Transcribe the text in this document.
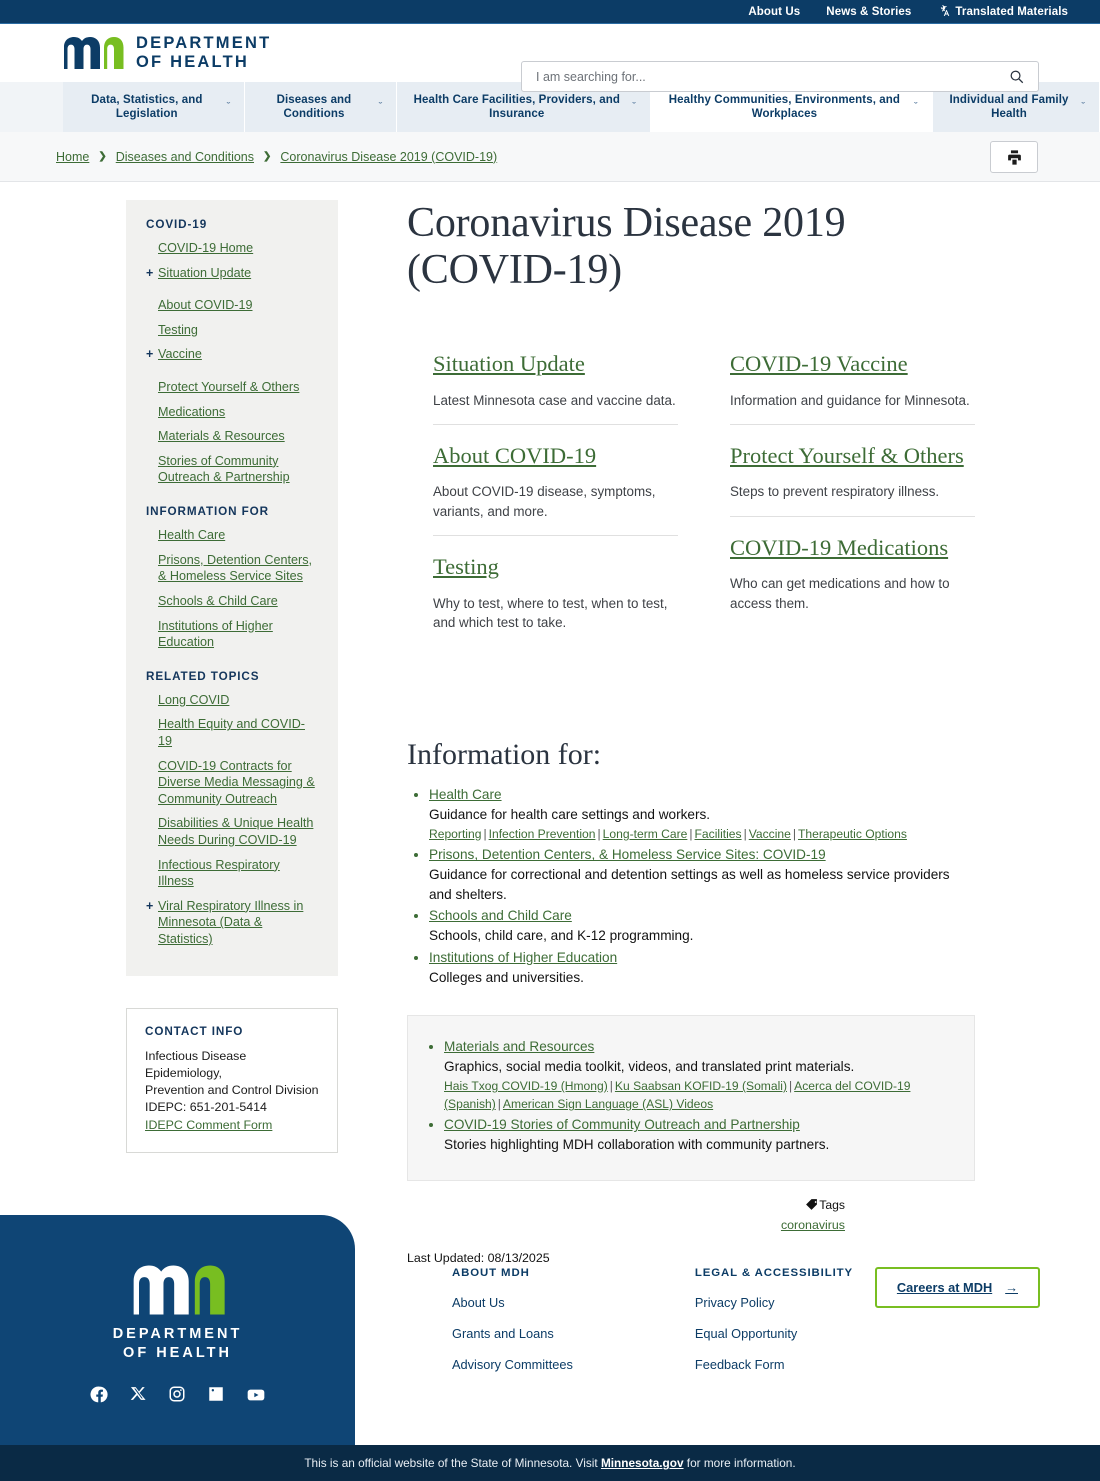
About Us News & Stories	Translated Materials
DEPARTMENT
OF HEALTH
I am searching for...
Data, Statistics, and Legislation
ˇ
Diseases and Conditions
ˇ
Health Care Facilities, Providers, and Insurance
ˇ
Healthy Communities, Environments, and Workplaces
ˇ
Individual and Family Health
ˇ
Home ❯ Diseases and Conditions ❯ Coronavirus Disease 2019 (COVID-19)
COVID-19
COVID-19 Home
+ Situation Update
About COVID-19
Testing
+ Vaccine
Protect Yourself & Others
Medications
Materials & Resources
Stories of Community Outreach & Partnership
INFORMATION FOR
Health Care
Prisons, Detention Centers, & Homeless Service Sites
Schools & Child Care
Institutions of Higher Education
RELATED TOPICS
Long COVID
Health Equity and COVID-19
COVID-19 Contracts for Diverse Media Messaging & Community Outreach
Disabilities & Unique Health Needs During COVID-19
Infectious Respiratory Illness
+ Viral Respiratory Illness in Minnesota (Data & Statistics)
CONTACT INFO
Infectious Disease Epidemiology,
Prevention and Control Division
IDEPC: 651-201-5414
IDEPC Comment Form
Coronavirus Disease 2019 (COVID-19)
Situation Update

Latest Minnesota case and vaccine data.

About COVID-19

About COVID-19 disease, symptoms, variants, and more.

Testing

Why to test, where to test, when to test, and which test to take.

COVID-19 Vaccine

Information and guidance for Minnesota.

Protect Yourself & Others

Steps to prevent respiratory illness.

COVID-19 Medications

Who can get medications and how to access them.

Information for:
• Health Care

Guidance for health care settings and workers.

Reporting | Infection Prevention | Long-term Care | Facilities | Vaccine | Therapeutic Options
• Prisons, Detention Centers, & Homeless Service Sites: COVID-19

Guidance for correctional and detention settings as well as homeless service providers and shelters.

• Schools and Child Care

Schools, child care, and K-12 programming.

• Institutions of Higher Education

Colleges and universities.

• Materials and Resources

Graphics, social media toolkit, videos, and translated print materials.

Hais Txog COVID-19 (Hmong) | Ku Saabsan KOFID-19 (Somali) | Acerca del COVID-19 (Spanish) | American Sign Language (ASL) Videos
• COVID-19 Stories of Community Outreach and Partnership

Stories highlighting MDH collaboration with community partners.

Tags
coronavirus
Last Updated: 08/13/2025
DEPARTMENT
OF HEALTH
ABOUT MDH
About Us
Grants and Loans
Advisory Committees
LEGAL & ACCESSIBILITY
Privacy Policy
Equal Opportunity
Feedback Form
Careers at MDH →
This is an official website of the State of Minnesota. Visit Minnesota.gov for more information.
